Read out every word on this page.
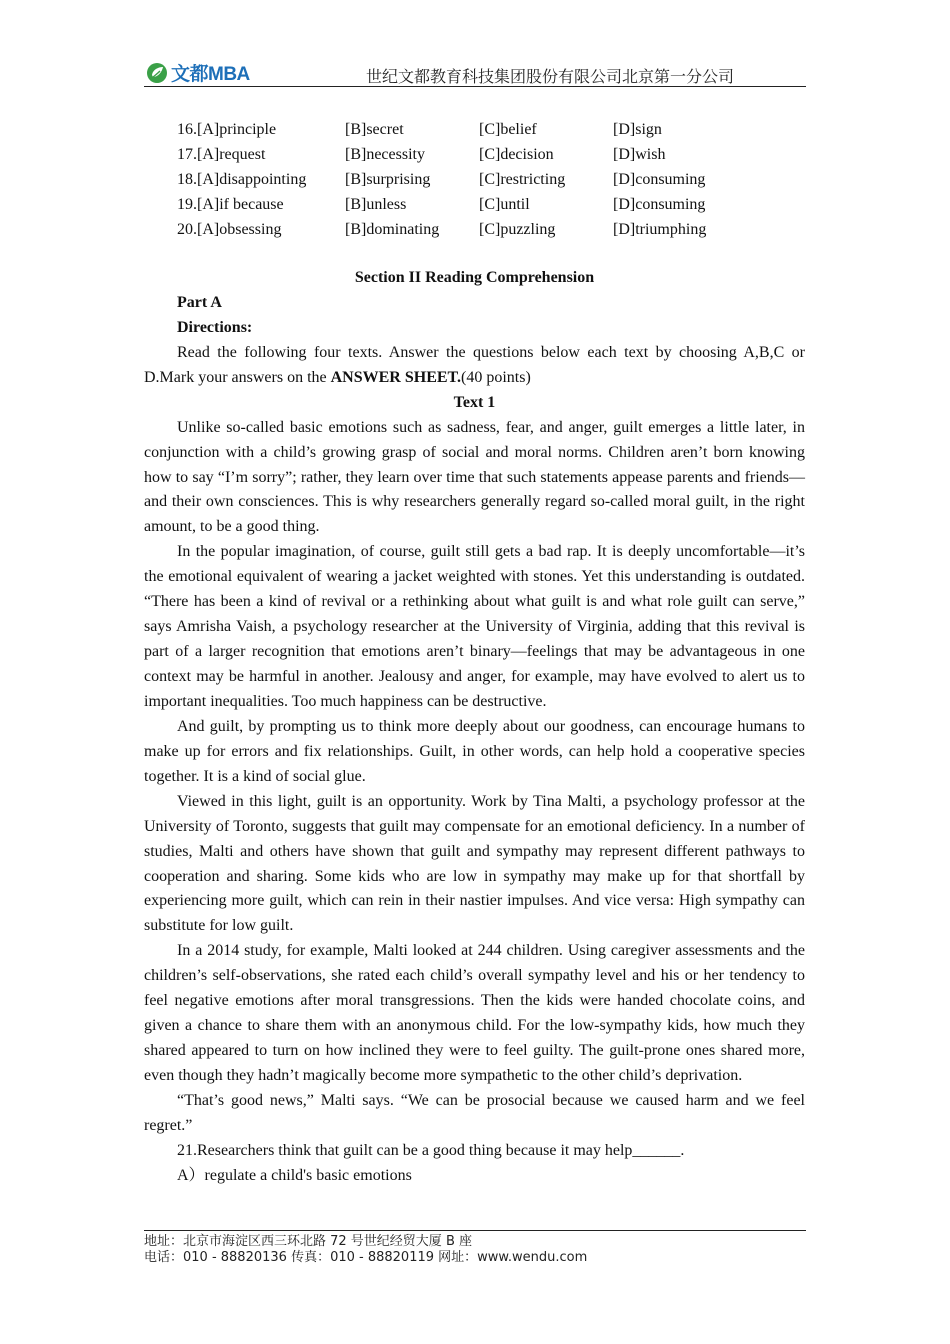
文都MBA	世纪文都教育科技集团股份有限公司北京第一分公司
16.[A]principle	[B]secret	[C]belief	[D]sign
17.[A]request	[B]necessity	[C]decision	[D]wish
18.[A]disappointing	[B]surprising	[C]restricting	[D]consuming
19.[A]if because	[B]unless	[C]until	[D]consuming
20.[A]obsessing	[B]dominating	[C]puzzling	[D]triumphing

Section II Reading Comprehension

Part A

Directions:

Read the following four texts. Answer the questions below each text by choosing A,B,C or D.Mark your answers on the ANSWER SHEET.(40 points)

Text 1

Unlike so-called basic emotions such as sadness, fear, and anger, guilt emerges a little later, in conjunction with a child’s growing grasp of social and moral norms. Children aren’t born knowing how to say “I’m sorry”; rather, they learn over time that such statements appease parents and friends—and their own consciences. This is why researchers generally regard so-called moral guilt, in the right amount, to be a good thing.

In the popular imagination, of course, guilt still gets a bad rap. It is deeply uncomfortable—it’s the emotional equivalent of wearing a jacket weighted with stones. Yet this understanding is outdated. “There has been a kind of revival or a rethinking about what guilt is and what role guilt can serve,” says Amrisha Vaish, a psychology researcher at the University of Virginia, adding that this revival is part of a larger recognition that emotions aren’t binary—feelings that may be advantageous in one context may be harmful in another. Jealousy and anger, for example, may have evolved to alert us to important inequalities. Too much happiness can be destructive.

And guilt, by prompting us to think more deeply about our goodness, can encourage humans to make up for errors and fix relationships. Guilt, in other words, can help hold a cooperative species together. It is a kind of social glue.

Viewed in this light, guilt is an opportunity. Work by Tina Malti, a psychology professor at the University of Toronto, suggests that guilt may compensate for an emotional deficiency. In a number of studies, Malti and others have shown that guilt and sympathy may represent different pathways to cooperation and sharing. Some kids who are low in sympathy may make up for that shortfall by experiencing more guilt, which can rein in their nastier impulses. And vice versa: High sympathy can substitute for low guilt.

In a 2014 study, for example, Malti looked at 244 children. Using caregiver assessments and the children’s self-observations, she rated each child’s overall sympathy level and his or her tendency to feel negative emotions after moral transgressions. Then the kids were handed chocolate coins, and given a chance to share them with an anonymous child. For the low-sympathy kids, how much they shared appeared to turn on how inclined they were to feel guilty. The guilt-prone ones shared more, even though they hadn’t magically become more sympathetic to the other child’s deprivation.

“That’s good news,” Malti says. “We can be prosocial because we caused harm and we feel regret.”

21.Researchers think that guilt can be a good thing because it may help______.

A）regulate a child's basic emotions

地址：北京市海淀区西三环北路 72 号世纪经贸大厦 B 座
电话：010 - 88820136 传真：010 - 88820119 网址：www.wendu.com
